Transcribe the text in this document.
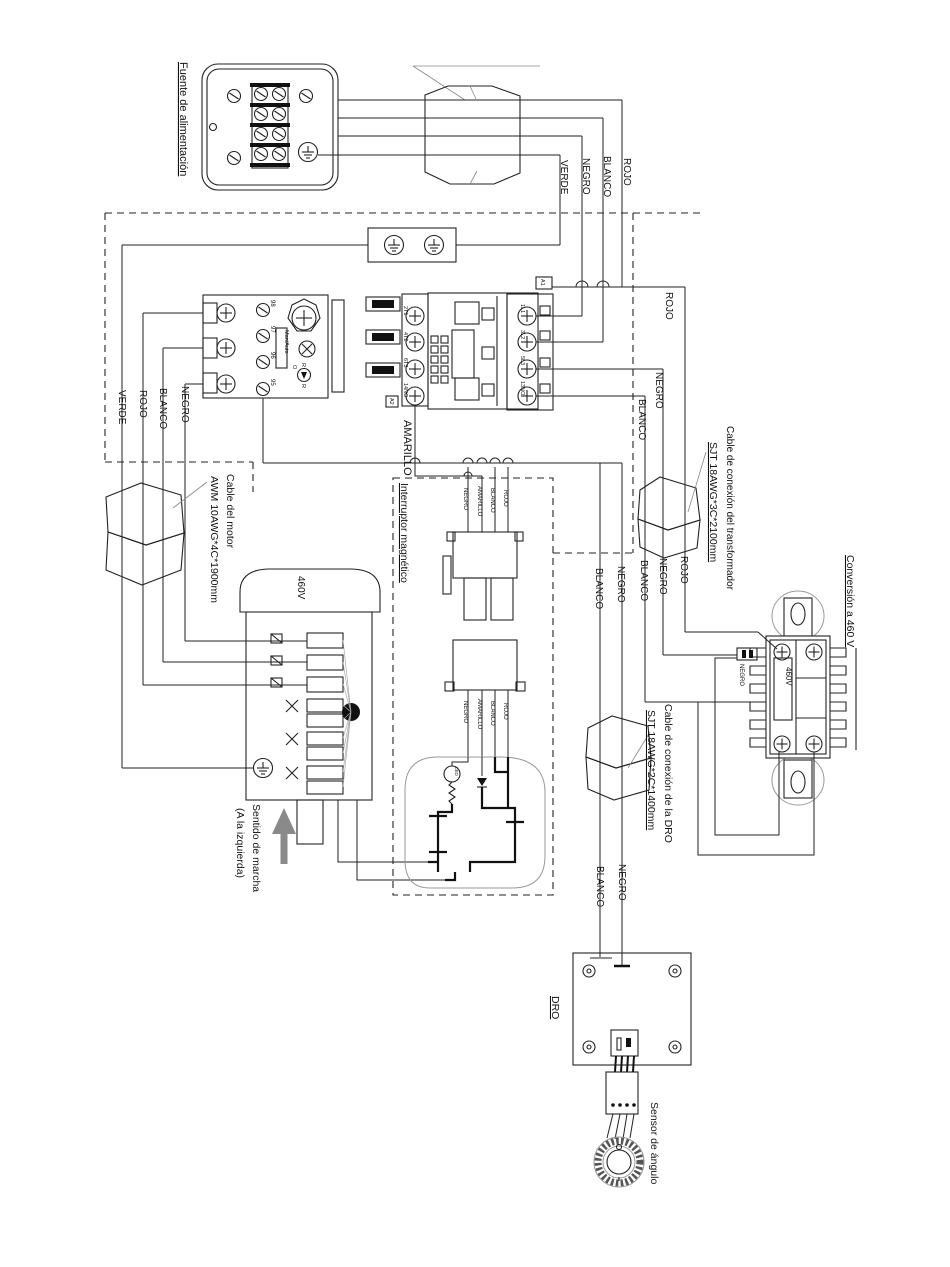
Fuente de alimentación
VERDE NEGRO BLANCO ROJO
98
97
96
95
Man/Auto
O
R
R
VERDE ROJO BLANCO NEGRO
2T1
4T2
6T3
14NO
A2
1L1
3L2
5L3
13NO
A1
ROJO
NEGRO
BLANCO
Cable de conexión del transformador
SJT 18AWG*3C*2100mm
BLANCO NEGRO ROJO	Conversión a 460 V
460V
NEGRO
Cable del motor
AWM 10AWG*4C*1900mm	460V
Sentido de marcha
(A la izquierda)
Interruptor magnético
AMARILLO
NEGRO AMARILLO BLANCO ROJO
NEGRO AMARILLO BLANCO ROJO
LED
BLANCO NEGRO
Cable de conexión de la DRO
SJT 18AWG*2C*1400mm
BLANCO NEGRO
DRO
Sensor de ángulo
